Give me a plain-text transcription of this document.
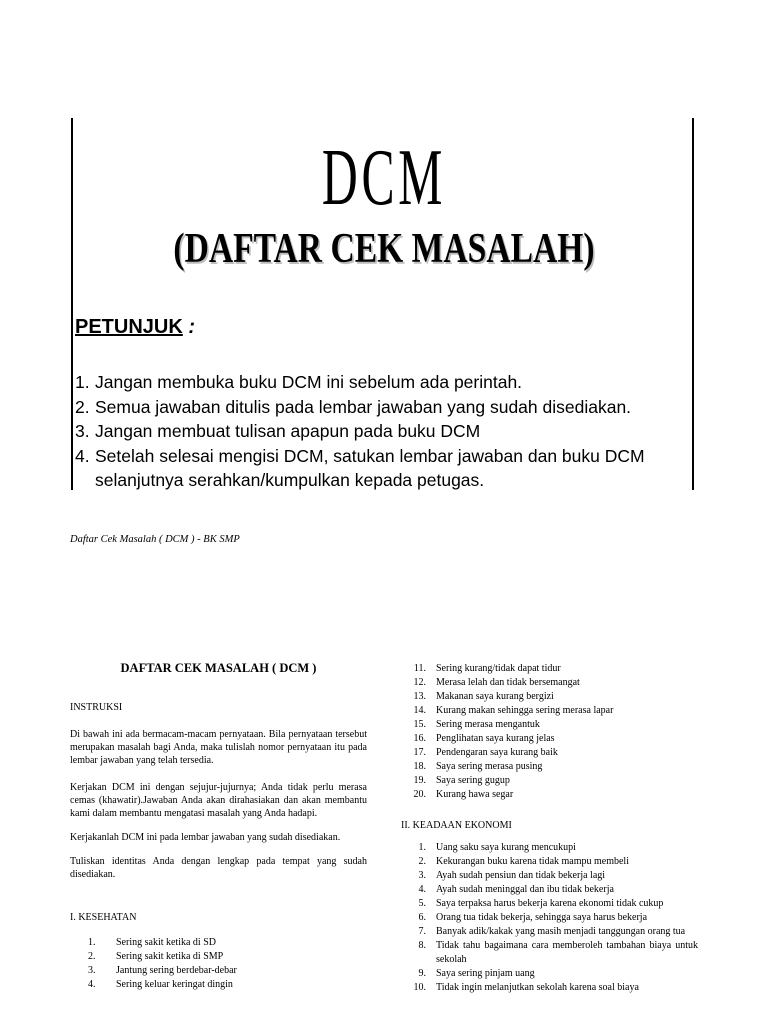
DCM
(DAFTAR CEK MASALAH)
PETUNJUK :
1. Jangan membuka buku DCM ini sebelum ada perintah.
2. Semua jawaban ditulis pada lembar jawaban yang sudah disediakan.
3. Jangan membuat tulisan apapun pada buku DCM
4. Setelah selesai mengisi DCM, satukan lembar jawaban dan buku DCM selanjutnya serahkan/kumpulkan kepada petugas.
Daftar Cek Masalah ( DCM ) - BK SMP
DAFTAR CEK MASALAH ( DCM )
INSTRUKSI

Di bawah ini ada bermacam-macam pernyataan. Bila pernyataan tersebut merupakan masalah bagi Anda, maka tulislah nomor pernyataan itu pada lembar jawaban yang telah tersedia.

Kerjakan DCM ini dengan sejujur-jujurnya; Anda tidak perlu merasa cemas (khawatir).Jawaban Anda akan dirahasiakan dan akan membantu kami dalam membantu mengatasi masalah yang Anda hadapi.

Kerjakanlah DCM ini pada lembar jawaban yang sudah disediakan.

Tuliskan identitas Anda dengan lengkap pada tempat yang sudah disediakan.

I. KESEHATAN
1.	Sering sakit ketika di SD
2.	Sering sakit ketika di SMP
3.	Jantung sering berdebar-debar
4.	Sering keluar keringat dingin
11.	Sering kurang/tidak dapat tidur
12.	Merasa lelah dan tidak bersemangat
13.	Makanan saya kurang bergizi
14.	Kurang makan sehingga sering merasa lapar
15.	Sering merasa mengantuk
16.	Penglihatan saya kurang jelas
17.	Pendengaran saya kurang baik
18.	Saya sering merasa pusing
19.	Saya sering gugup
20.	Kurang hawa segar
II. KEADAAN EKONOMI
1.	Uang saku saya kurang mencukupi
2.	Kekurangan buku karena tidak mampu membeli
3.	Ayah sudah pensiun dan tidak bekerja lagi
4.	Ayah sudah meninggal dan ibu tidak bekerja
5.	Saya terpaksa harus bekerja karena ekonomi tidak cukup
6.	Orang tua tidak bekerja, sehingga saya harus bekerja
7.	Banyak adik/kakak yang masih menjadi tanggungan orang tua
8.	Tidak tahu bagaimana cara memberoleh tambahan biaya untuk sekolah
9.	Saya sering pinjam uang
10.	Tidak ingin melanjutkan sekolah karena soal biaya
